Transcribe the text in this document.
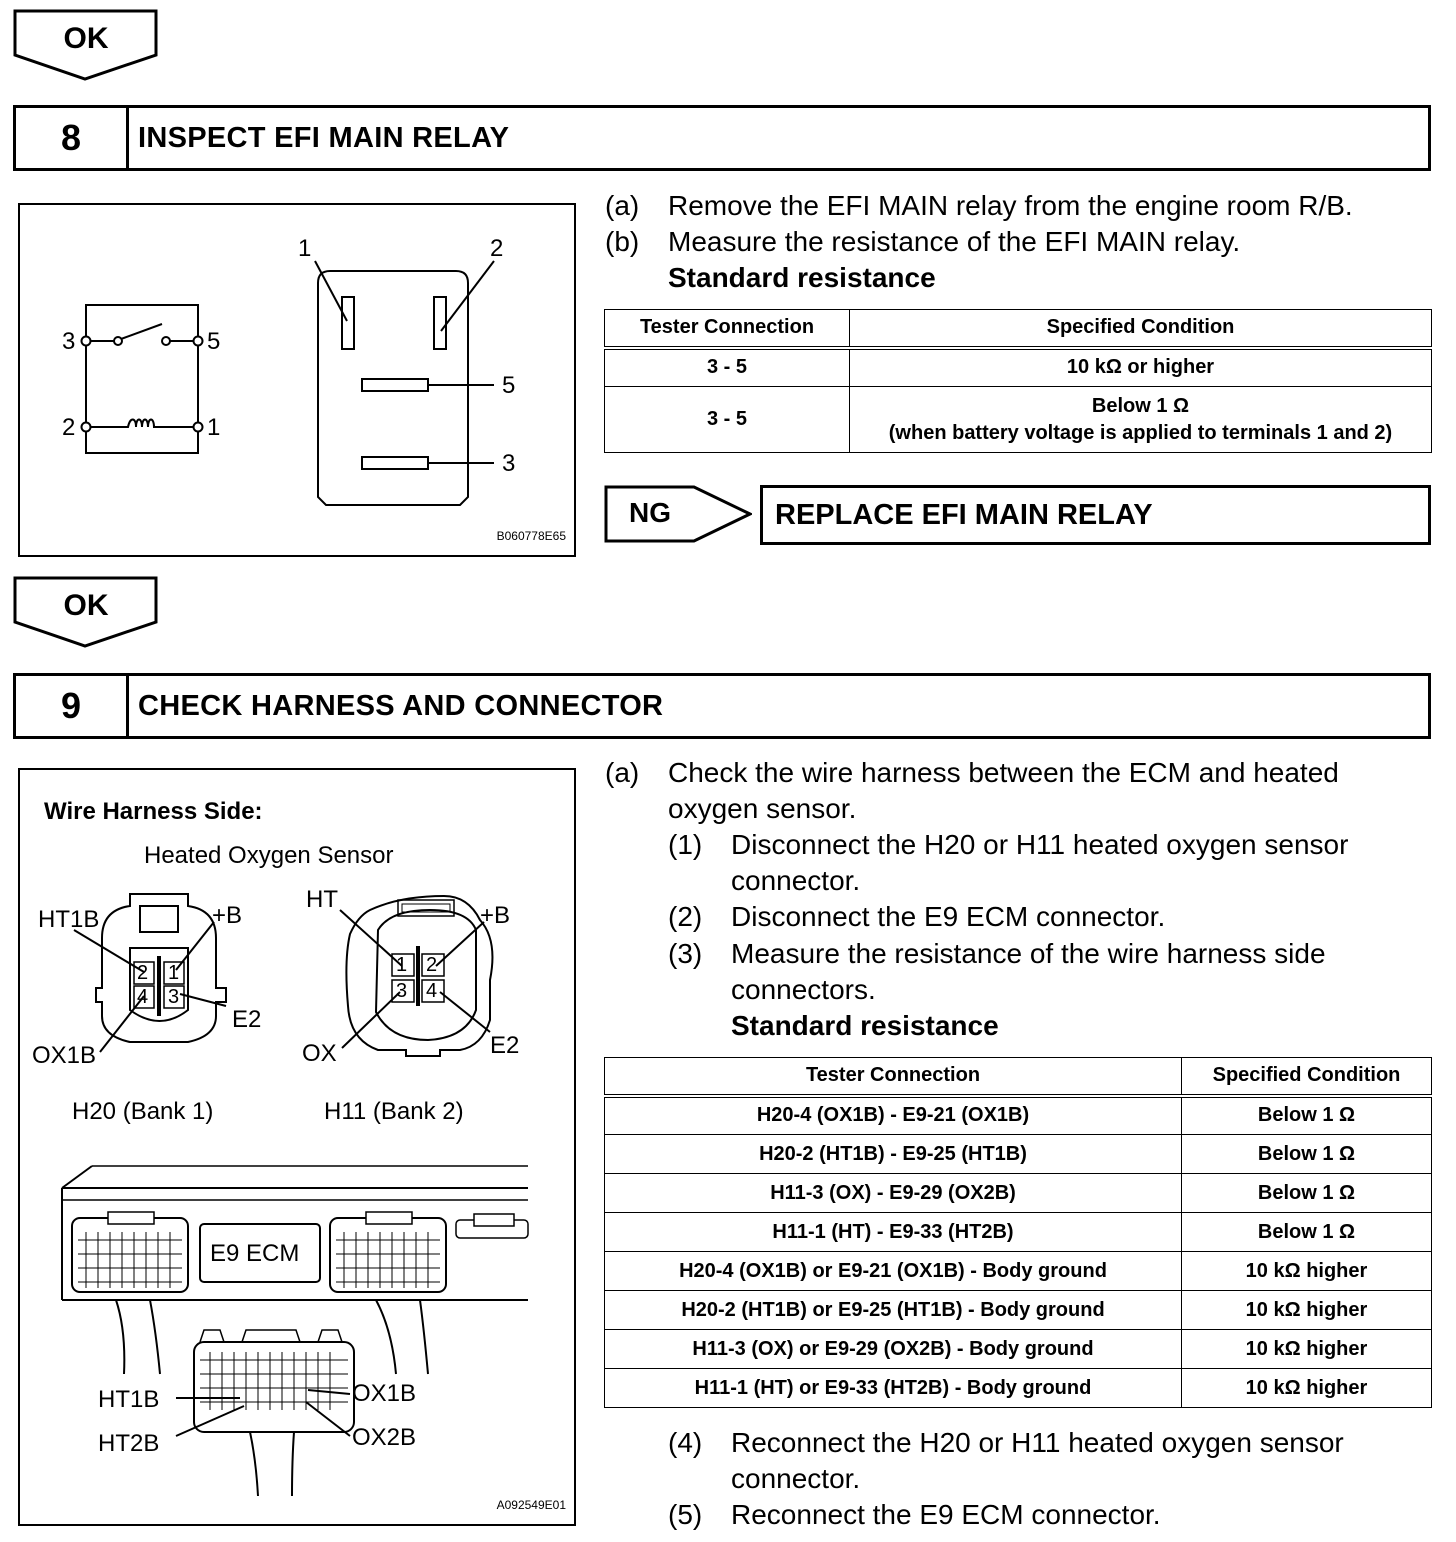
OK
8	INSPECT EFI MAIN RELAY
1	2
5
3
3	5
2	1
B060778E65
(a) Remove the EFI MAIN relay from the engine room R/B.
(b) Measure the resistance of the EFI MAIN relay.
Standard resistance
Tester Connection	Specified Condition
3 - 5	10 kΩ or higher
3 - 5	Below 1 Ω
(when battery voltage is applied to terminals 1 and 2)
NG	REPLACE EFI MAIN RELAY
OK
9	CHECK HARNESS AND CONNECTOR
Wire Harness Side:
Heated Oxygen Sensor
HT1B	+B
E2
OX1B
2 1
4 3
HT
+B
E2
OX
1 2
3 4
H20 (Bank 1)	H11 (Bank 2)
E9 ECM
HT1B
HT2B
OX1B
OX2B
A092549E01
(a) Check the wire harness between the ECM and heated
oxygen sensor.
(1) Disconnect the H20 or H11 heated oxygen sensor
connector.
(2) Disconnect the E9 ECM connector.
(3) Measure the resistance of the wire harness side
connectors.
Standard resistance
Tester Connection	Specified Condition
H20-4 (OX1B) - E9-21 (OX1B)	Below 1 Ω
H20-2 (HT1B) - E9-25 (HT1B)	Below 1 Ω
H11-3 (OX) - E9-29 (OX2B)	Below 1 Ω
H11-1 (HT) - E9-33 (HT2B)	Below 1 Ω
H20-4 (OX1B) or E9-21 (OX1B) - Body ground	10 kΩ higher
H20-2 (HT1B) or E9-25 (HT1B) - Body ground	10 kΩ higher
H11-3 (OX) or E9-29 (OX2B) - Body ground	10 kΩ higher
H11-1 (HT) or E9-33 (HT2B) - Body ground	10 kΩ higher
(4) Reconnect the H20 or H11 heated oxygen sensor
connector.
(5) Reconnect the E9 ECM connector.
